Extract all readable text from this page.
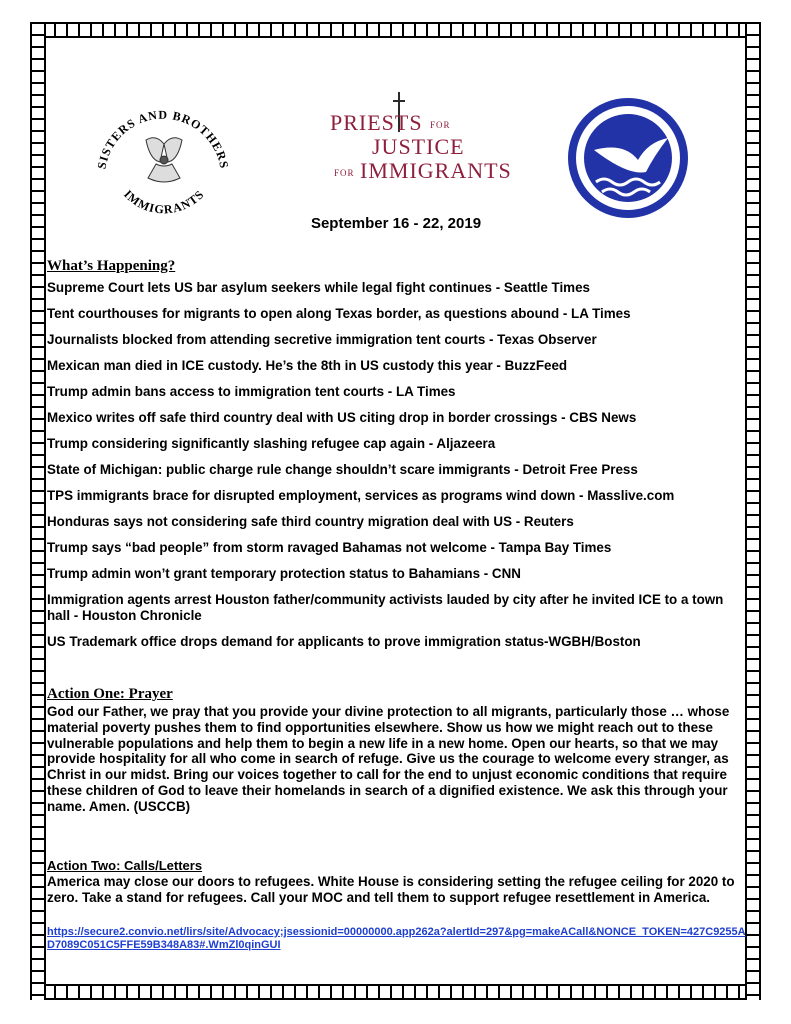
SISTERS AND BROTHERS
IMMIGRANTS
PRIESTS FOR
JUSTICE
FOR IMMIGRANTS
September 16 - 22, 2019
What’s Happening?
Supreme Court lets US bar asylum seekers while legal fight continues - Seattle Times
Tent courthouses for migrants to open along Texas border, as questions abound - LA Times
Journalists blocked from attending secretive immigration tent courts - Texas Observer
Mexican man died in ICE custody. He’s the 8th in US custody this year - BuzzFeed
Trump admin bans access to immigration tent courts - LA Times
Mexico writes off safe third country deal with US citing drop in border crossings - CBS News
Trump considering significantly slashing refugee cap again - Aljazeera
State of Michigan: public charge rule change shouldn’t scare immigrants - Detroit Free Press
TPS immigrants brace for disrupted employment, services as programs wind down - Masslive.com
Honduras says not considering safe third country migration deal with US - Reuters
Trump says “bad people” from storm ravaged Bahamas not welcome - Tampa Bay Times
Trump admin won’t grant temporary protection status to Bahamians - CNN
Immigration agents arrest Houston father/community activists lauded by city after he invited ICE to a town hall - Houston Chronicle
US Trademark office drops demand for applicants to prove immigration status-WGBH/Boston
Action One: Prayer

God our Father, we pray that you provide your divine protection to all migrants, particularly those … whose material poverty pushes them to find opportunities elsewhere. Show us how we might reach out to these vulnerable populations and help them to begin a new life in a new home. Open our hearts, so that we may provide hospitality for all who come in search of refuge. Give us the courage to welcome every stranger, as Christ in our midst. Bring our voices together to call for the end to unjust economic conditions that require these children of God to leave their homelands in search of a dignified existence. We ask this through your name. Amen. (USCCB)

Action Two: Calls/Letters

America may close our doors to refugees. White House is considering setting the refugee ceiling for 2020 to zero. Take a stand for refugees. Call your MOC and tell them to support refugee resettlement in America.

https://secure2.convio.net/lirs/site/Advocacy;jsessionid=00000000.app262a?alertId=297&pg=makeACall&NONCE_TOKEN=427C9255AD7089C051C5FFE59B348A83#.WmZl0qinGUI
